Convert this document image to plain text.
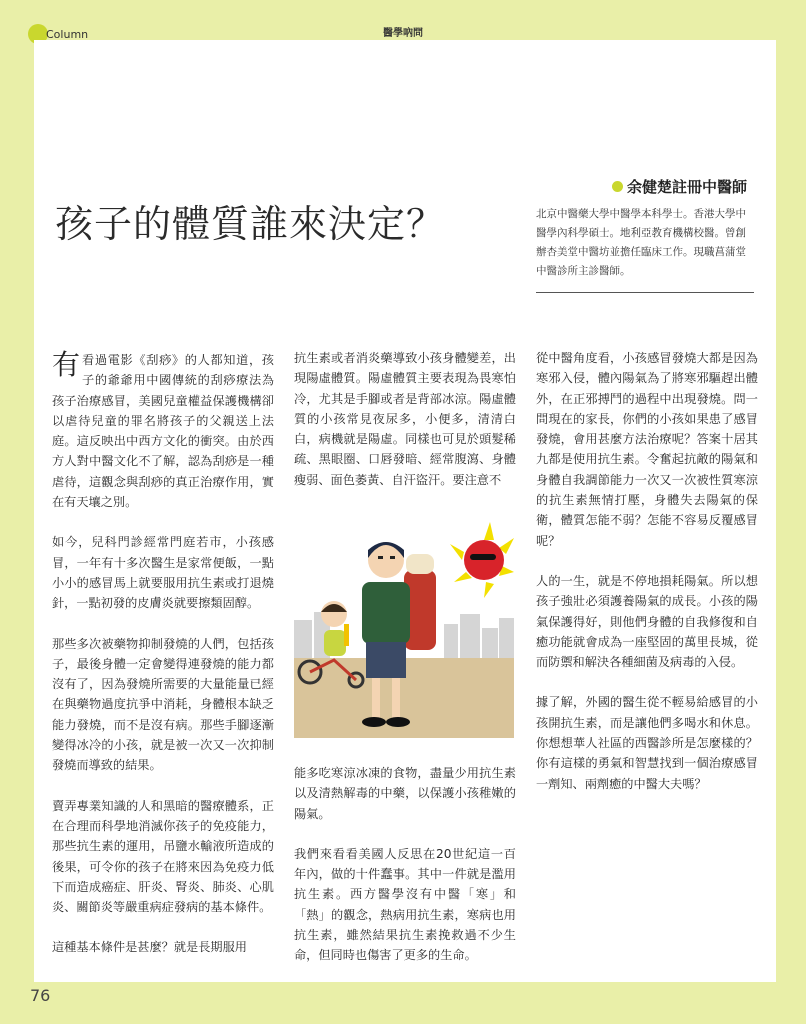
Column	醫學吶問
孩子的體質誰來決定？
余健楚註冊中醫師
北京中醫藥大學中醫學本科學士。香港大學中醫學內科學碩士。地利亞教育機構校醫。曾創辦杏美堂中醫坊並擔任臨床工作。現職菖蒲堂中醫診所主診醫師。

有看過電影《刮痧》的人都知道，孩子的爺爺用中國傳統的刮痧療法為孩子治療感冒，美國兒童權益保護機構卻以虐待兒童的罪名將孩子的父親送上法庭。這反映出中西方文化的衝突。由於西方人對中醫文化不了解，認為刮痧是一種虐待，這觀念與刮痧的真正治療作用，實在有天壤之別。

如今，兒科門診經常門庭若市，小孩感冒，一年有十多次醫生是家常便飯，一點小小的感冒馬上就要服用抗生素或打退燒針，一點初發的皮膚炎就要擦類固醇。

那些多次被藥物抑制發燒的人們，包括孩子，最後身體一定會變得連發燒的能力都沒有了，因為發燒所需要的大量能量已經在與藥物過度抗爭中消耗，身體根本缺乏能力發燒，而不是沒有病。那些手腳逐漸變得冰冷的小孩，就是被一次又一次抑制發燒而導致的結果。

賣弄專業知識的人和黑暗的醫療體系，正在合理而科學地消滅你孩子的免疫能力，那些抗生素的運用，吊鹽水輸液所造成的後果，可令你的孩子在將來因為免疫力低下而造成癌症、肝炎、腎炎、肺炎、心肌炎、關節炎等嚴重病症發病的基本條件。

這種基本條件是甚麼？就是長期服用

抗生素或者消炎藥導致小孩身體變差，出現陽虛體質。陽虛體質主要表現為畏寒怕冷，尤其是手腳或者是背部冰涼。陽虛體質的小孩常見夜尿多，小便多，清清白白，病機就是陽虛。同樣也可見於頭髮稀疏、黑眼圈、口唇發暗、經常腹瀉、身體瘦弱、面色萎黃、自汗盜汗。要注意不

能多吃寒涼冰凍的食物，盡量少用抗生素以及清熱解毒的中藥，以保護小孩稚嫩的陽氣。

我們來看看美國人反思在20世紀這一百年內，做的十件蠢事。其中一件就是濫用抗生素。西方醫學沒有中醫「寒」和「熱」的觀念，熱病用抗生素，寒病也用抗生素，雖然結果抗生素挽救過不少生命，但同時也傷害了更多的生命。

從中醫角度看，小孩感冒發燒大都是因為寒邪入侵，體內陽氣為了將寒邪驅趕出體外，在正邪搏鬥的過程中出現發燒。問一問現在的家長，你們的小孩如果患了感冒發燒，會用甚麼方法治療呢？答案十居其九都是使用抗生素。令奮起抗敵的陽氣和身體自我調節能力一次又一次被性質寒涼的抗生素無情打壓，身體失去陽氣的保衛，體質怎能不弱？怎能不容易反覆感冒呢？

人的一生，就是不停地損耗陽氣。所以想孩子強壯必須護養陽氣的成長。小孩的陽氣保護得好，則他們身體的自我修復和自癒功能就會成為一座堅固的萬里長城，從而防禦和解決各種細菌及病毒的入侵。

據了解，外國的醫生從不輕易給感冒的小孩開抗生素，而是讓他們多喝水和休息。你想想華人社區的西醫診所是怎麼樣的？你有這樣的勇氣和智慧找到一個治療感冒一劑知、兩劑癒的中醫大夫嗎？

76
